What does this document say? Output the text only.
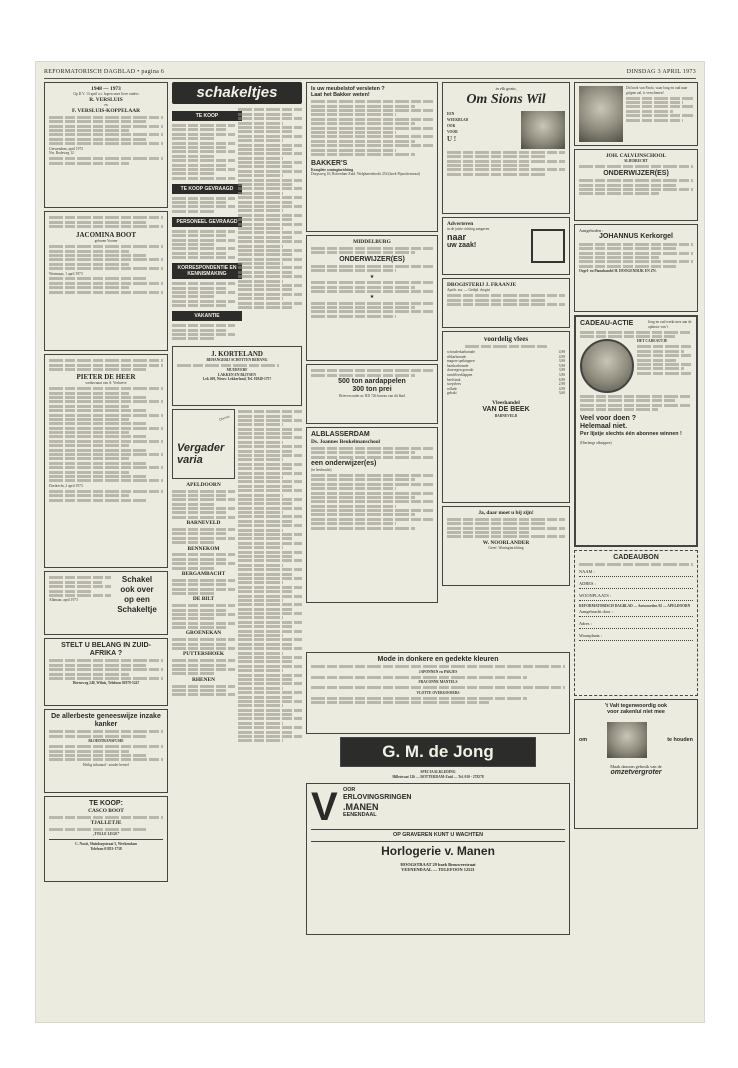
REFORMATORISCH DAGBLAD • pagina 6	DINSDAG 3 APRIL 1973
1948 — 1973
Op D.V. 13 april a.s. hopen onze lieve ouders
R. VERSLUIS
en
F. VERSLUIS-KOPPELAAR
Giessendam, april 1973
Nw. Rodeweg 12
JACOMINA BOOT
geboren Voorne
Westmaas, 1 april 1973
PIETER DE HEER
weduwnaar van A. Verhoeve
Dordrecht, 2 april 1973
Alkmaar, april 1973
Schakel
ook over
op een
Schakeltje
STELT U BELANG IN ZUID-AFRIKA ?
Herenweg 240, Wilnis, Telefoon 02979-5247
De allerbeste geneeswijze inzake kanker
BLOEDTRANSFUSIE
Heilig tribunaal - zonder herstel
TE KOOP:
CASCO BOOT
TJALLETJE
„TOLLE LEGE”
C. Nooit, Sluisdorpstraat 5, Werkendam
Telefoon 01833-1738
schakeltjes
TE KOOP
TE KOOP GEVRAAGD
PERSONEEL GEVRAAGD
KORRESPONDENTIE EN KENNISMAKING
VAKANTIE
J. KORTELAND
BEHANGERIJ SCHOTTEN BEHANG
MUURVERF
LAKKEN EN BLITSEN
Lek 269, Nieuw Lekkerland, Tel. 01848-1757
Diverse
Vergader
varia
APELDOORN
BARNEVELD
BENNEKOM
BERGAMBACHT
DE BILT
GROENEKAN
PUTTERSHOEK
RHENEN
Is uw meubelstof versleten ?
Laat het Bakker weten!
BAKKER'S
Komplete woninginrichting
Dorpsweg 16, Rotterdam-Zuid. Wolphaertsbocht 254 (hoek Pijnackerstraat)
MIDDELBURG
ONDERWIJZER(ES)
★
★
500 ton aardappelen
300 ton prei
Brieven onder nr. RD 726 bureau van dit blad
ALBLASSERDAM
Ds. Joannes Beukelmanschool
een onderwijzer(es)
(in leerkracht)
in elk gezin,
Om Sions Wil
EEN
WEEKBLAD
OOK
VOOR
U !
Adverteren
in de juiste richting aangaven
naar
uw zaak!
DROGISTERIJ J. FRAANJE
Apoth. ass. — Gedipl. drogist
voordelig vlees
schouderkarbonade	4,98
ribkarbonade	4,98
magere spekiappen	3,98
haaskarbonade	5,98
doorregen gerookt	3,98
rundvleesklappen	3,98
beefsteak	6,98
soepvlees	2,98
rollade	4,98
gehakt	3,60
Vleeshandel
VAN DE BEEK
BARNEVELD
Ja, daar moet u bij zijn!
W. NOORLANDER
Geref. Woninginrichting
Mode in donkere en gedekte kleuren
JAPONNEN en PAKJES
FRACONNE MANTELS
VLOTTE OVERGOOIERS
G. M. de Jong
SPECIAALKLEDING
Hillestraat 126 — ROTTERDAM-Zuid — Tel. 010 - 278278
V OOR
ERLOVINGSRINGEN
.MANEN
EENENDAAL
OP GRAVEREN KUNT U WACHTEN
Horlogerie v. Manen
HOOGSTRAAT 29 hoek Brouwerstraat
VEENENDAAL — TELEFOON 12521
Dit boek van Paulo, waar long en oud naar grijpen zal, is verschenen!
JOH. CALVIJNSCHOOL
SLIEDRECHT
ONDERWIJZER(ES)
Aangeboden :
JOHANNUS Kerkorgel
Orgel- en Pianohandel H. HOOGENDIJK EN ZN.
CADEAU-ACTIE	Jong en oud werkt mee aan de opbouw van 't
HET CADEAUTJE
Veel voor doen ?
Helemaal niet.
Per lijstje slechts één abonnee winnen !
(Hierlangs afknippen)
CADEAUBON
NAAM :
ADRES :
WOONPLAATS :
REFORMATORISCH DAGBLAD — Antwoordnr. 92 — APELDOORN
Aangebracht door :
Adres :
Woonplaats :
't Valt tegenwoordig ook
voor zakenlui niet mee
om	te houden
Maak daarom gebruik van de
omzetvergroter
